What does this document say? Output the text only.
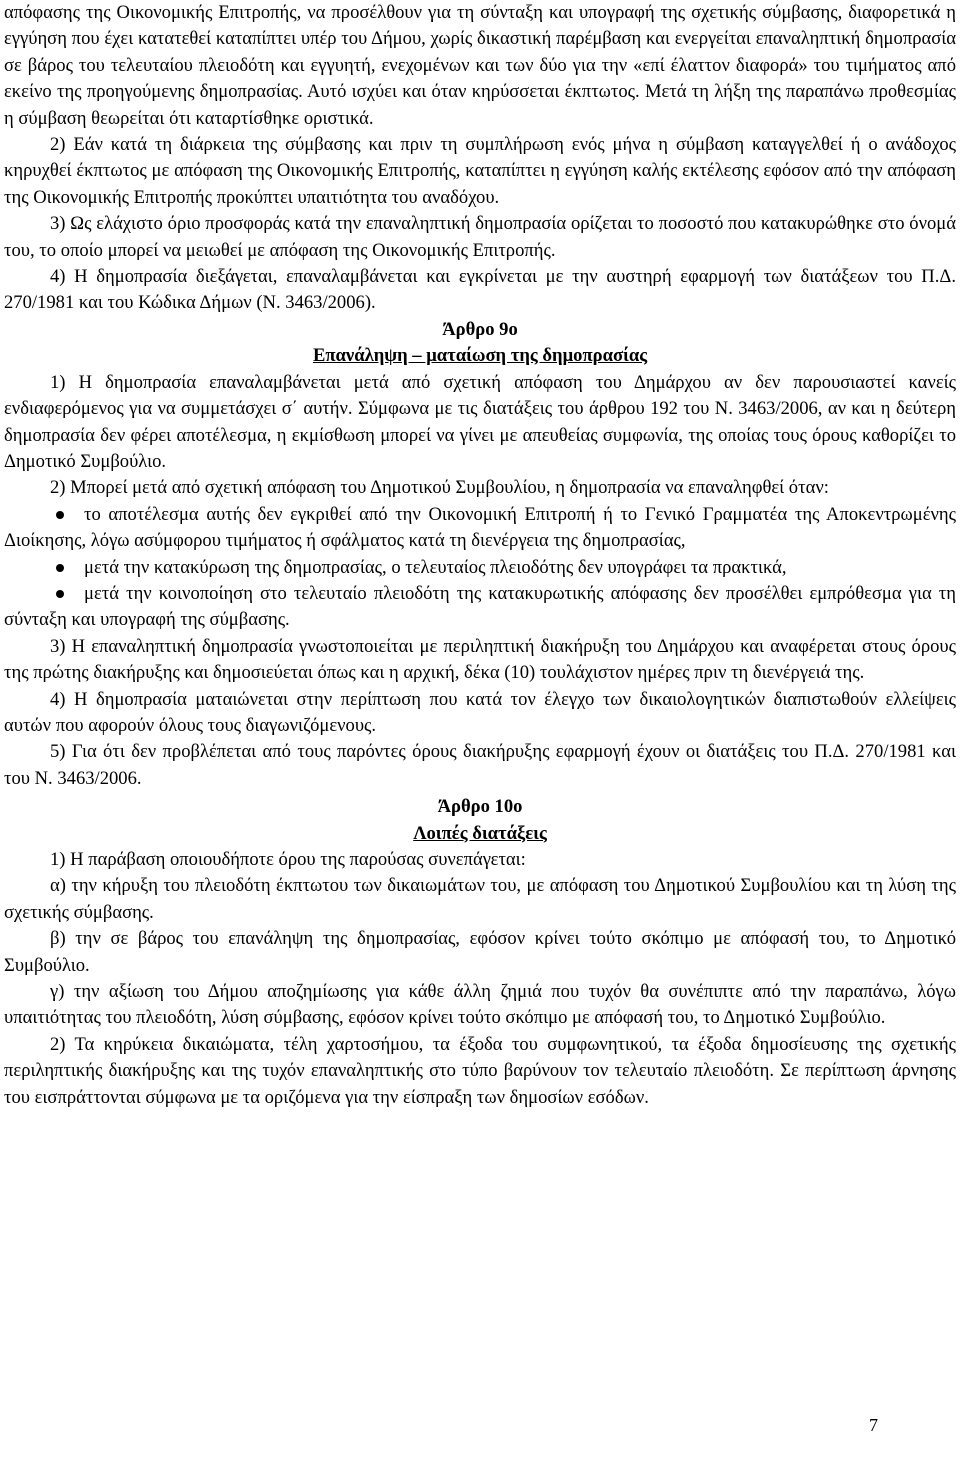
απόφασης της Οικονομικής Επιτροπής, να προσέλθουν για τη σύνταξη και υπογραφή της σχετικής σύμβασης, διαφορετικά η εγγύηση που έχει κατατεθεί καταπίπτει υπέρ του Δήμου, χωρίς δικαστική παρέμβαση και ενεργείται επαναληπτική δημοπρασία σε βάρος του τελευταίου πλειοδότη και εγγυητή, ενεχομένων και των δύο για την «επί έλαττον διαφορά» του τιμήματος από εκείνο της προηγούμενης δημοπρασίας. Αυτό ισχύει και όταν κηρύσσεται έκπτωτος. Μετά τη λήξη της παραπάνω προθεσμίας η σύμβαση θεωρείται ότι καταρτίσθηκε οριστικά.

2) Εάν κατά τη διάρκεια της σύμβασης και πριν τη συμπλήρωση ενός μήνα η σύμβαση καταγγελθεί ή ο ανάδοχος κηρυχθεί έκπτωτος με απόφαση της Οικονομικής Επιτροπής, καταπίπτει η εγγύηση καλής εκτέλεσης εφόσον από την απόφαση της Οικονομικής Επιτροπής προκύπτει υπαιτιότητα του αναδόχου.

3) Ως ελάχιστο όριο προσφοράς κατά την επαναληπτική δημοπρασία ορίζεται το ποσοστό που κατακυρώθηκε στο όνομά του, το οποίο μπορεί να μειωθεί με απόφαση της Οικονομικής Επιτροπής.

4) Η δημοπρασία διεξάγεται, επαναλαμβάνεται και εγκρίνεται με την αυστηρή εφαρμογή των διατάξεων του Π.Δ. 270/1981 και του Κώδικα Δήμων (Ν. 3463/2006).

Άρθρο 9ο

Επανάληψη – ματαίωση της δημοπρασίας

1) Η δημοπρασία επαναλαμβάνεται μετά από σχετική απόφαση του Δημάρχου αν δεν παρουσιαστεί κανείς ενδιαφερόμενος για να συμμετάσχει σ΄ αυτήν. Σύμφωνα με τις διατάξεις του άρθρου 192 του Ν. 3463/2006, αν και η δεύτερη δημοπρασία δεν φέρει αποτέλεσμα, η εκμίσθωση μπορεί να γίνει με απευθείας συμφωνία, της οποίας τους όρους καθορίζει το Δημοτικό Συμβούλιο.

2) Μπορεί μετά από σχετική απόφαση του Δημοτικού Συμβουλίου, η δημοπρασία να επαναληφθεί όταν:

το αποτέλεσμα αυτής δεν εγκριθεί από την Οικονομική Επιτροπή ή το Γενικό Γραμματέα της Αποκεντρωμένης Διοίκησης, λόγω ασύμφορου τιμήματος ή σφάλματος κατά τη διενέργεια της δημοπρασίας,

μετά την κατακύρωση της δημοπρασίας, ο τελευταίος πλειοδότης δεν υπογράφει τα πρακτικά,

μετά την κοινοποίηση στο τελευταίο πλειοδότη της κατακυρωτικής απόφασης δεν προσέλθει εμπρόθεσμα για τη σύνταξη και υπογραφή της σύμβασης.

3) Η επαναληπτική δημοπρασία γνωστοποιείται με περιληπτική διακήρυξη του Δημάρχου και αναφέρεται στους όρους της πρώτης διακήρυξης και δημοσιεύεται όπως και η αρχική, δέκα (10) τουλάχιστον ημέρες πριν τη διενέργειά της.

4) Η δημοπρασία ματαιώνεται στην περίπτωση που κατά τον έλεγχο των δικαιολογητικών διαπιστωθούν ελλείψεις αυτών που αφορούν όλους τους διαγωνιζόμενους.

5) Για ότι δεν προβλέπεται από τους παρόντες όρους διακήρυξης εφαρμογή έχουν οι διατάξεις του Π.Δ. 270/1981 και του Ν. 3463/2006.

Άρθρο 10ο

Λοιπές διατάξεις

1) Η παράβαση οποιουδήποτε όρου της παρούσας συνεπάγεται:

α) την κήρυξη του πλειοδότη έκπτωτου των δικαιωμάτων του, με απόφαση του Δημοτικού Συμβουλίου και τη λύση της σχετικής σύμβασης.

β) την σε βάρος του επανάληψη της δημοπρασίας, εφόσον κρίνει τούτο σκόπιμο με απόφασή του, το Δημοτικό Συμβούλιο.

γ) την αξίωση του Δήμου αποζημίωσης για κάθε άλλη ζημιά που τυχόν θα συνέπιπτε από την παραπάνω, λόγω υπαιτιότητας του πλειοδότη, λύση σύμβασης, εφόσον κρίνει τούτο σκόπιμο με απόφασή του, το Δημοτικό Συμβούλιο.

2) Τα κηρύκεια δικαιώματα, τέλη χαρτοσήμου, τα έξοδα του συμφωνητικού, τα έξοδα δημοσίευσης της σχετικής περιληπτικής διακήρυξης και της τυχόν επαναληπτικής στο τύπο βαρύνουν τον τελευταίο πλειοδότη. Σε περίπτωση άρνησης του εισπράττονται σύμφωνα με τα οριζόμενα για την είσπραξη των δημοσίων εσόδων.

7
